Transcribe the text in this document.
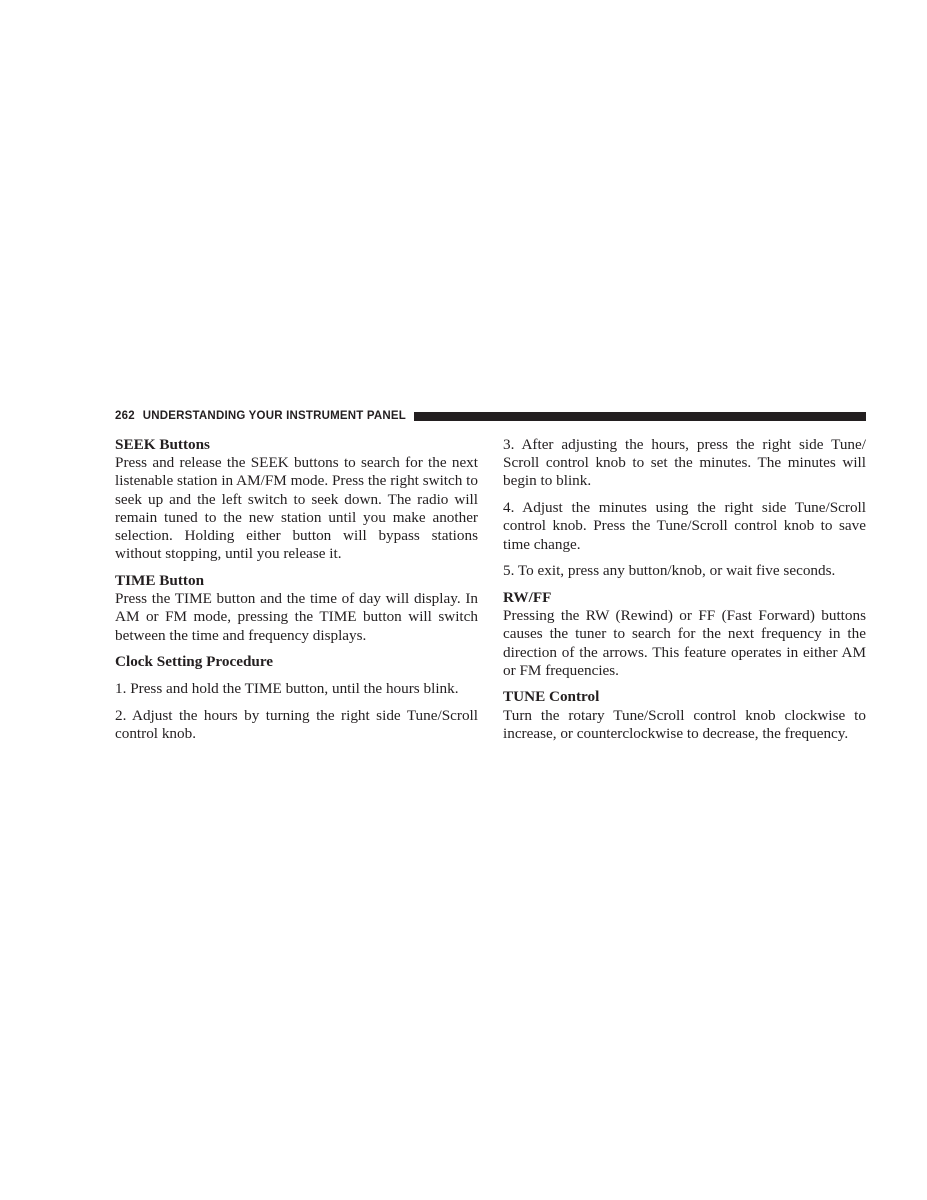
262 UNDERSTANDING YOUR INSTRUMENT PANEL

SEEK Buttons

Press and release the SEEK buttons to search for the next listenable station in AM/FM mode. Press the right switch to seek up and the left switch to seek down. The radio will remain tuned to the new station until you make another selection. Holding either button will bypass stations without stopping, until you release it.

TIME Button

Press the TIME button and the time of day will display. In AM or FM mode, pressing the TIME button will switch between the time and frequency displays.

Clock Setting Procedure

1. Press and hold the TIME button, until the hours blink.

2. Adjust the hours by turning the right side Tune/Scroll control knob.

3. After adjusting the hours, press the right side Tune/ Scroll control knob to set the minutes. The minutes will begin to blink.

4. Adjust the minutes using the right side Tune/Scroll control knob. Press the Tune/Scroll control knob to save time change.

5. To exit, press any button/knob, or wait five seconds.

RW/FF

Pressing the RW (Rewind) or FF (Fast Forward) buttons causes the tuner to search for the next frequency in the direction of the arrows. This feature operates in either AM or FM frequencies.

TUNE Control

Turn the rotary Tune/Scroll control knob clockwise to increase, or counterclockwise to decrease, the frequency.
